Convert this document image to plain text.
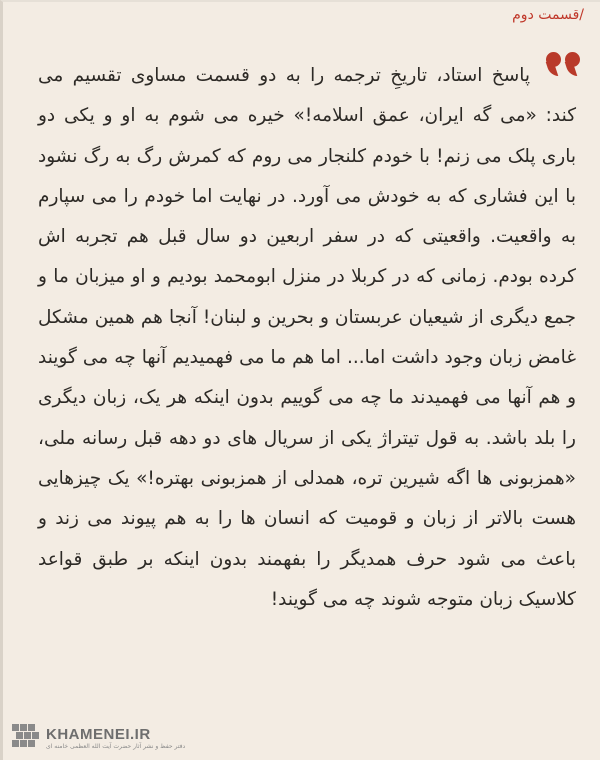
/قسمت دوم

پاسخ استاد، تاریخِ ترجمه را به دو قسمت مساوی تقسیم می کند: «می گه ایران، عمق اسلامه!» خیره می شوم به او و یکی دو باری پلک می زنم! با خودم کلنجار می روم که کمرش رگ به رگ نشود با این فشاری که به خودش می آورد. در نهایت اما خودم را می سپارم به واقعیت. واقعیتی که در سفر اربعین دو سال قبل هم تجربه اش کرده بودم. زمانی که در کربلا در منزل ابومحمد بودیم و او میزبان ما و جمع دیگری از شیعیان عربستان و بحرین و لبنان! آنجا هم همین مشکل غامض زبان وجود داشت اما... اما هم ما می فهمیدیم آنها چه می گویند و هم آنها می فهمیدند ما چه می گوییم بدون اینکه هر یک، زبان دیگری را بلد باشد. به قول تیتراژ یکی از سریال های دو دهه قبل رسانه ملی، «همزبونی ها اگه شیرین تره، همدلی از همزبونی بهتره!» یک چیزهایی هست بالاتر از زبان و قومیت که انسان ها را به هم پیوند می زند و باعث می شود حرف همدیگر را بفهمند بدون اینکه بر طبق قواعد کلاسیک زبان متوجه شوند چه می گویند!

KHAMENEI.IR
دفتر حفظ و نشر آثار حضرت آیت الله العظمی خامنه ای
